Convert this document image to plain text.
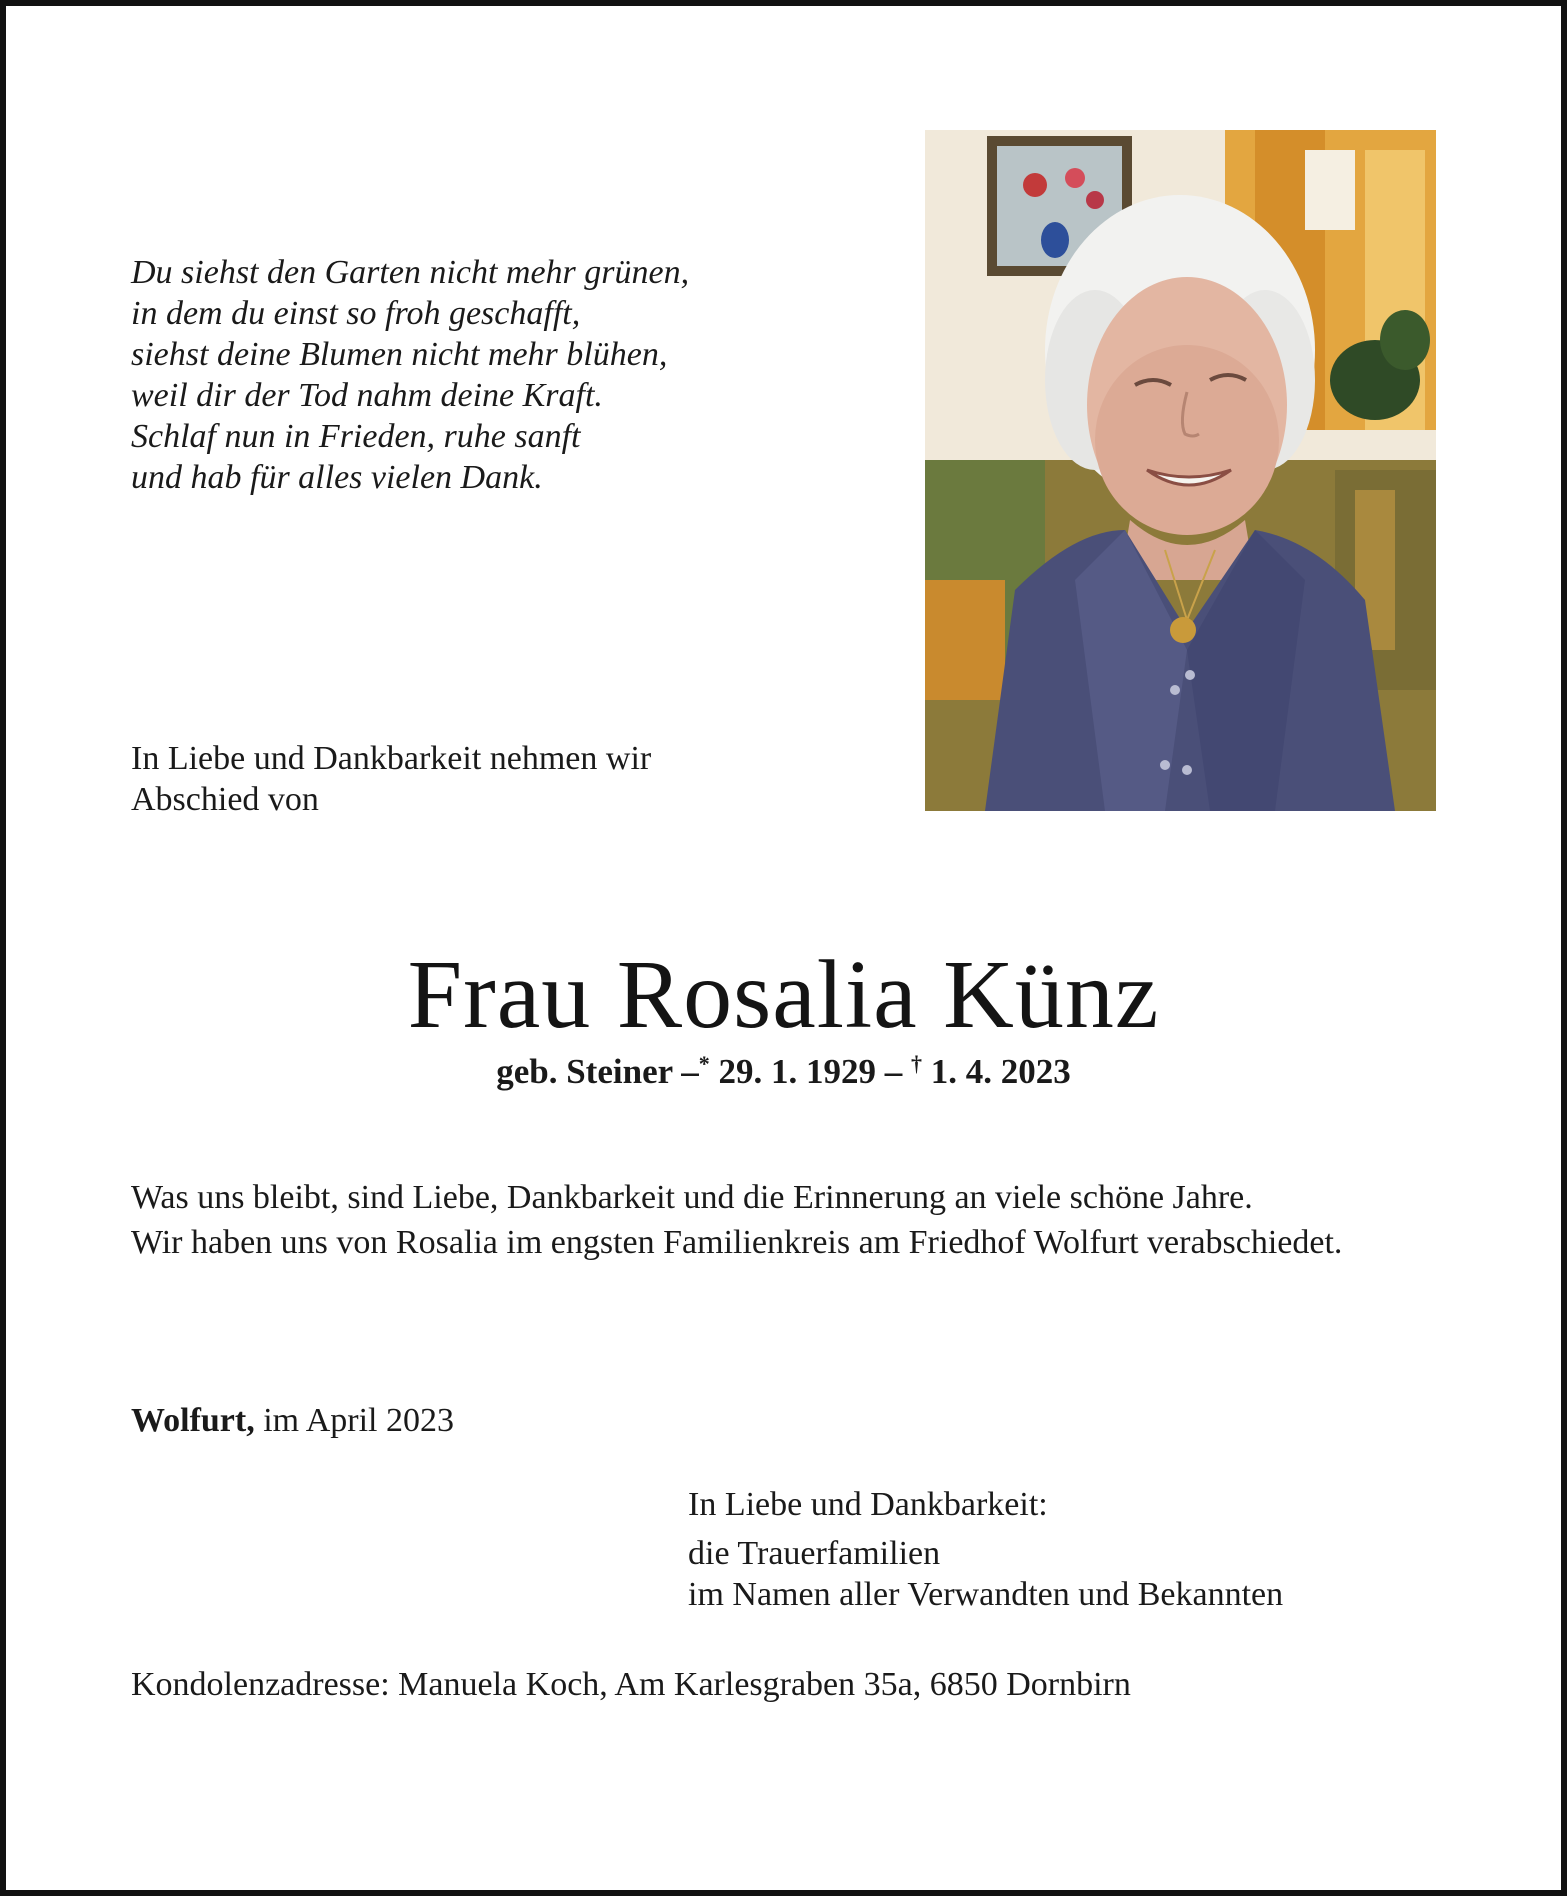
Du siehst den Garten nicht mehr grünen,
in dem du einst so froh geschafft,
siehst deine Blumen nicht mehr blühen,
weil dir der Tod nahm deine Kraft.
Schlaf nun in Frieden, ruhe sanft
und hab für alles vielen Dank.
In Liebe und Dankbarkeit nehmen wir
Abschied von
Frau Rosalia Künz
geb. Steiner –* 29. 1. 1929 – † 1. 4. 2023

Was uns bleibt, sind Liebe, Dankbarkeit und die Erinnerung an viele schöne Jahre.

Wir haben uns von Rosalia im engsten Familienkreis am Friedhof Wolfurt verabschiedet.

Wolfurt, im April 2023
In Liebe und Dankbarkeit:
die Trauerfamilien
im Namen aller Verwandten und Bekannten
Kondolenzadresse: Manuela Koch, Am Karlesgraben 35a, 6850 Dornbirn
